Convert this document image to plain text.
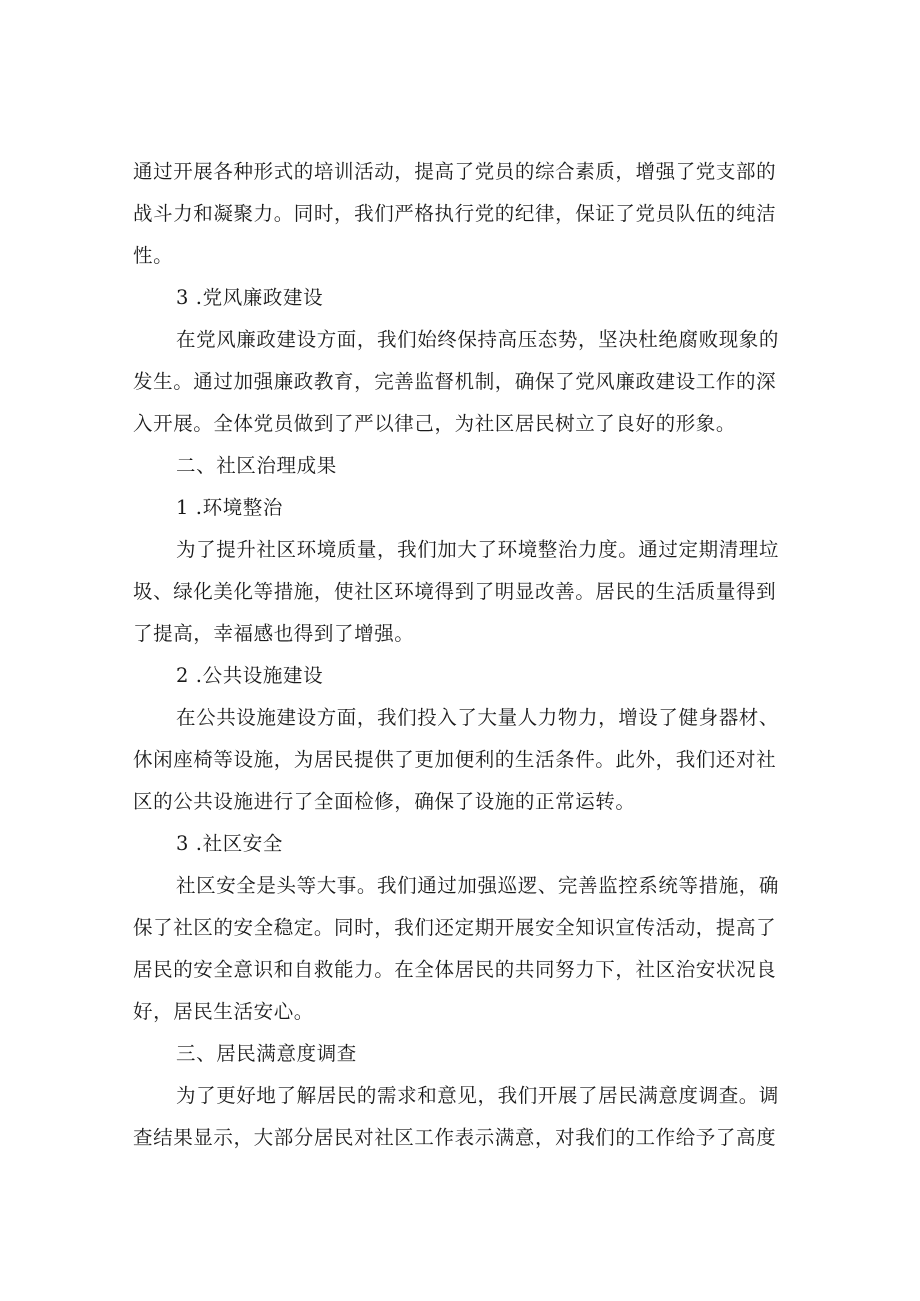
通过开展各种形式的培训活动，提高了党员的综合素质，增强了党支部的
战斗力和凝聚力。同时，我们严格执行党的纪律，保证了党员队伍的纯洁
性。
3 .党风廉政建设
在党风廉政建设方面，我们始终保持高压态势，坚决杜绝腐败现象的
发生。通过加强廉政教育，完善监督机制，确保了党风廉政建设工作的深
入开展。全体党员做到了严以律己，为社区居民树立了良好的形象。
二、社区治理成果
1 .环境整治
为了提升社区环境质量，我们加大了环境整治力度。通过定期清理垃
圾、绿化美化等措施，使社区环境得到了明显改善。居民的生活质量得到
了提高，幸福感也得到了增强。
2 .公共设施建设
在公共设施建设方面，我们投入了大量人力物力，增设了健身器材、
休闲座椅等设施，为居民提供了更加便利的生活条件。此外，我们还对社
区的公共设施进行了全面检修，确保了设施的正常运转。
3 .社区安全
社区安全是头等大事。我们通过加强巡逻、完善监控系统等措施，确
保了社区的安全稳定。同时，我们还定期开展安全知识宣传活动，提高了
居民的安全意识和自救能力。在全体居民的共同努力下，社区治安状况良
好，居民生活安心。
三、居民满意度调查
为了更好地了解居民的需求和意见，我们开展了居民满意度调查。调
查结果显示，大部分居民对社区工作表示满意，对我们的工作给予了高度
